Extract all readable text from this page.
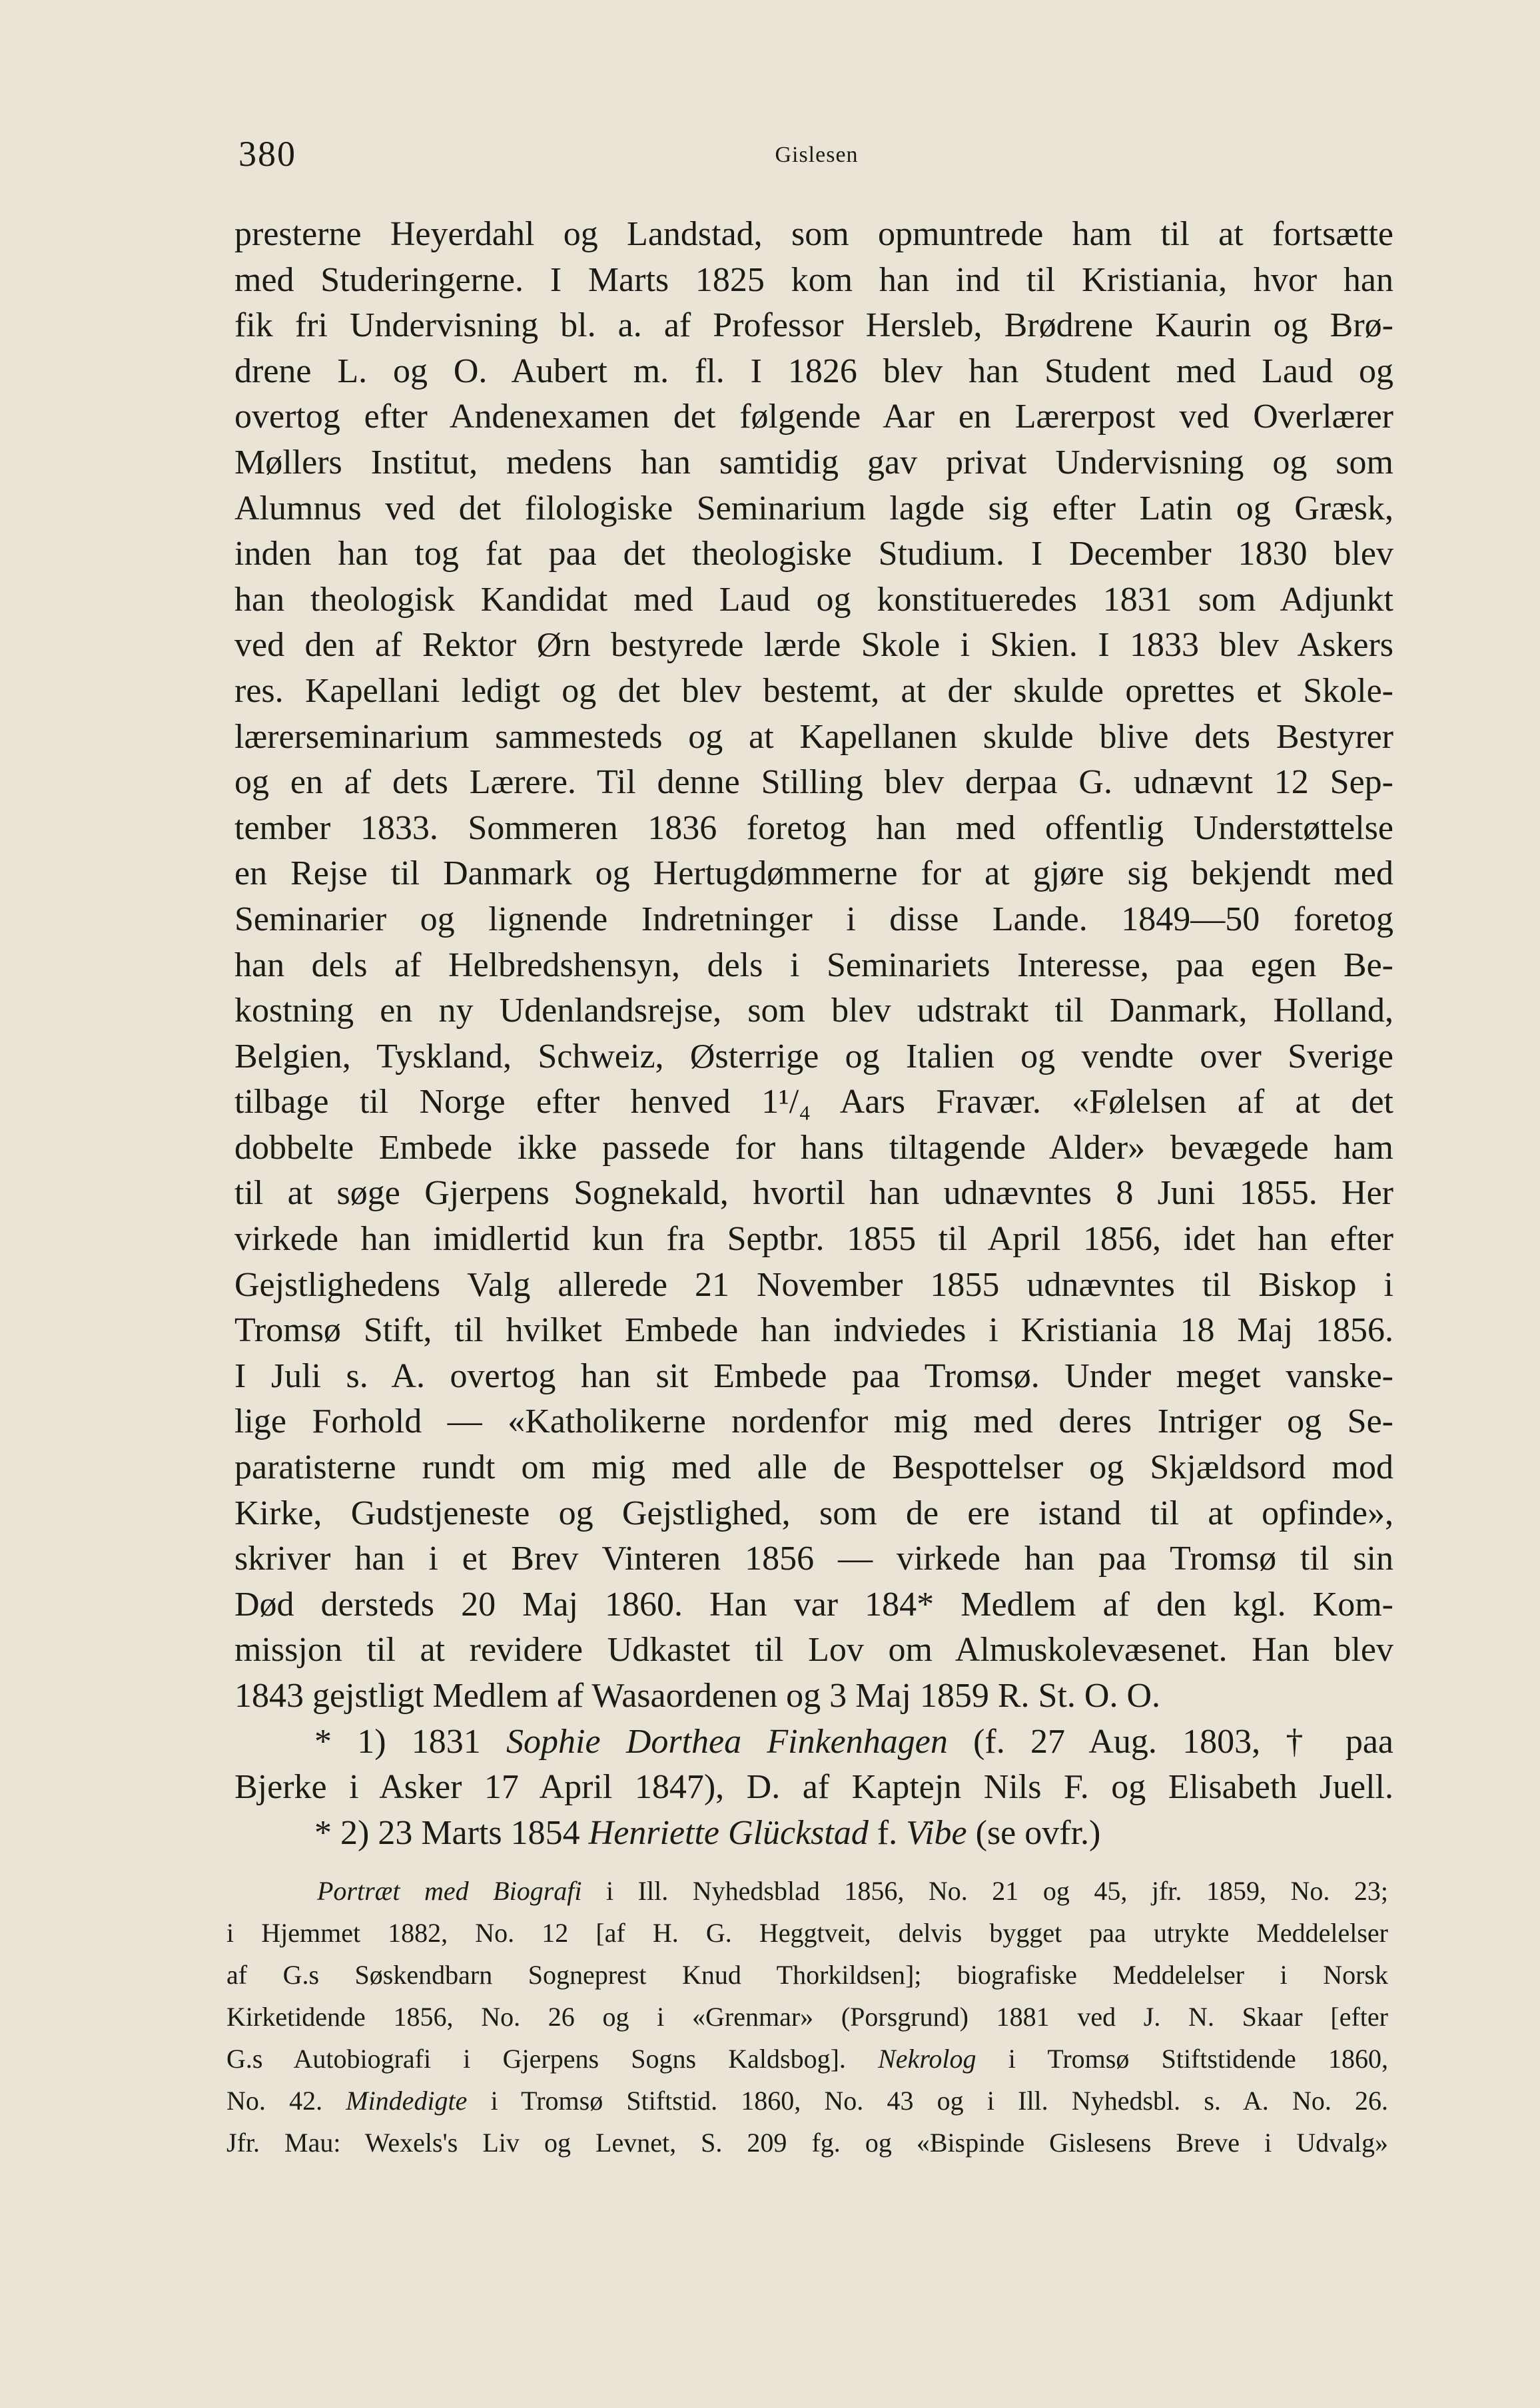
380	Gislesen
presterne Heyerdahl og Landstad, som opmuntrede ham til at fortsætte
med Studeringerne. I Marts 1825 kom han ind til Kristiania, hvor han
fik fri Undervisning bl. a. af Professor Hersleb, Brødrene Kaurin og Brø-
drene L. og O. Aubert m. fl. I 1826 blev han Student med Laud og
overtog efter Andenexamen det følgende Aar en Lærerpost ved Overlærer
Møllers Institut, medens han samtidig gav privat Undervisning og som
Alumnus ved det filologiske Seminarium lagde sig efter Latin og Græsk,
inden han tog fat paa det theologiske Studium. I December 1830 blev
han theologisk Kandidat med Laud og konstitueredes 1831 som Adjunkt
ved den af Rektor Ørn bestyrede lærde Skole i Skien. I 1833 blev Askers
res. Kapellani ledigt og det blev bestemt, at der skulde oprettes et Skole-
lærerseminarium sammesteds og at Kapellanen skulde blive dets Bestyrer
og en af dets Lærere. Til denne Stilling blev derpaa G. udnævnt 12 Sep-
tember 1833. Sommeren 1836 foretog han med offentlig Understøttelse
en Rejse til Danmark og Hertugdømmerne for at gjøre sig bekjendt med
Seminarier og lignende Indretninger i disse Lande. 1849—50 foretog
han dels af Helbredshensyn, dels i Seminariets Interesse, paa egen Be-
kostning en ny Udenlandsrejse, som blev udstrakt til Danmark, Holland,
Belgien, Tyskland, Schweiz, Østerrige og Italien og vendte over Sverige
tilbage til Norge efter henved 1¹/₄ Aars Fravær. «Følelsen af at det
dobbelte Embede ikke passede for hans tiltagende Alder» bevægede ham
til at søge Gjerpens Sognekald, hvortil han udnævntes 8 Juni 1855. Her
virkede han imidlertid kun fra Septbr. 1855 til April 1856, idet han efter
Gejstlighedens Valg allerede 21 November 1855 udnævntes til Biskop i
Tromsø Stift, til hvilket Embede han indviedes i Kristiania 18 Maj 1856.
I Juli s. A. overtog han sit Embede paa Tromsø. Under meget vanske-
lige Forhold — «Katholikerne nordenfor mig med deres Intriger og Se-
paratisterne rundt om mig med alle de Bespottelser og Skjældsord mod
Kirke, Gudstjeneste og Gejstlighed, som de ere istand til at opfinde»,
skriver han i et Brev Vinteren 1856 — virkede han paa Tromsø til sin
Død dersteds 20 Maj 1860. Han var 184* Medlem af den kgl. Kom-
missjon til at revidere Udkastet til Lov om Almuskolevæsenet. Han blev
1843 gejstligt Medlem af Wasaordenen og 3 Maj 1859 R. St. O. O.
* 1) 1831 Sophie Dorthea Finkenhagen (f. 27 Aug. 1803, † paa
Bjerke i Asker 17 April 1847), D. af Kaptejn Nils F. og Elisabeth Juell.
* 2) 23 Marts 1854 Henriette Glückstad f. Vibe (se ovfr.)
Portræt med Biografi i Ill. Nyhedsblad 1856, No. 21 og 45, jfr. 1859, No. 23;
i Hjemmet 1882, No. 12 [af H. G. Heggtveit, delvis bygget paa utrykte Meddelelser
af G.s Søskendbarn Sogneprest Knud Thorkildsen]; biografiske Meddelelser i Norsk
Kirketidende 1856, No. 26 og i «Grenmar» (Porsgrund) 1881 ved J. N. Skaar [efter
G.s Autobiografi i Gjerpens Sogns Kaldsbog]. Nekrolog i Tromsø Stiftstidende 1860,
No. 42. Mindedigte i Tromsø Stiftstid. 1860, No. 43 og i Ill. Nyhedsbl. s. A. No. 26.
Jfr. Mau: Wexels's Liv og Levnet, S. 209 fg. og «Bispinde Gislesens Breve i Udvalg»
